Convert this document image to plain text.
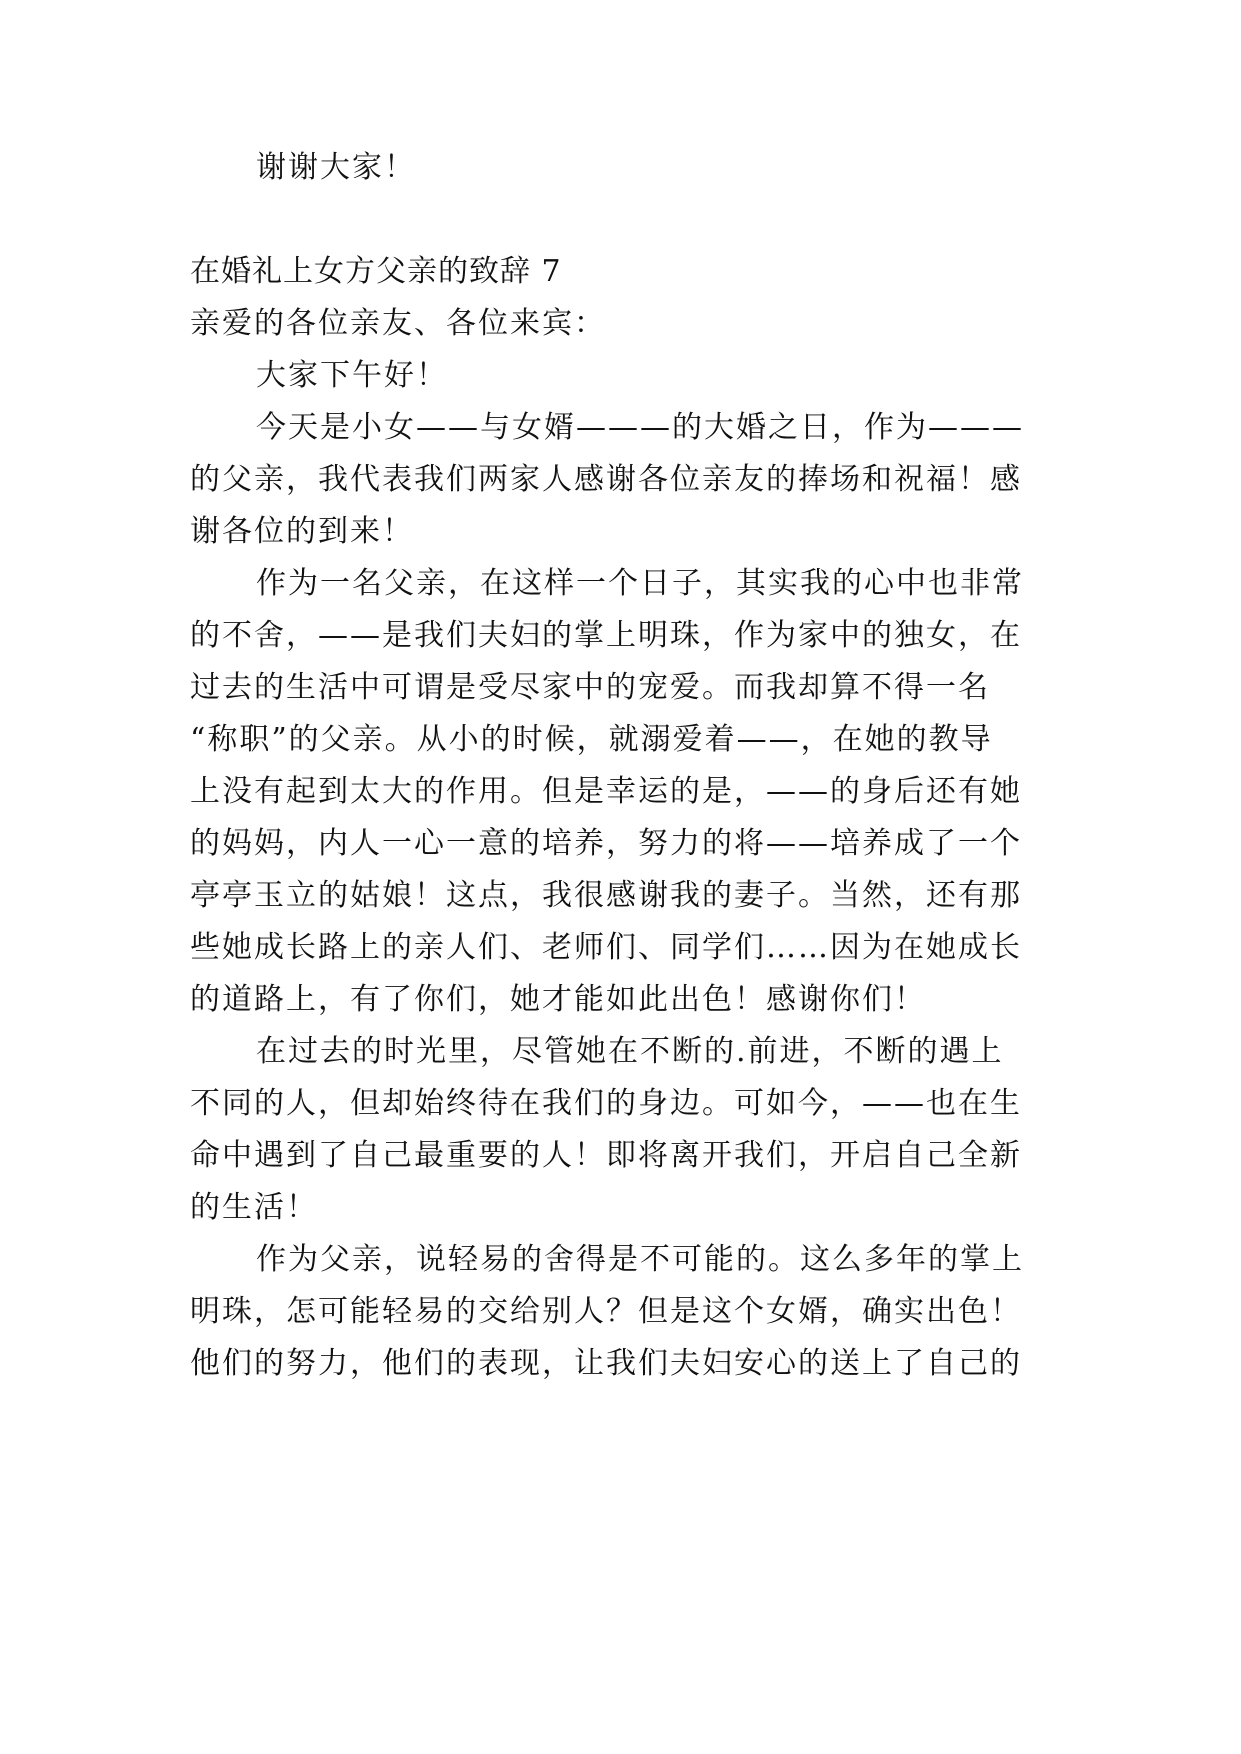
谢谢大家！
在婚礼上女方父亲的致辞 7
亲爱的各位亲友、各位来宾：
大家下午好！
今天是小女——与女婿———的大婚之日，作为———
的父亲，我代表我们两家人感谢各位亲友的捧场和祝福！感
谢各位的到来！
作为一名父亲，在这样一个日子，其实我的心中也非常
的不舍，——是我们夫妇的掌上明珠，作为家中的独女，在
过去的生活中可谓是受尽家中的宠爱。而我却算不得一名
“称职”的父亲。从小的时候，就溺爱着——，在她的教导
上没有起到太大的作用。但是幸运的是，——的身后还有她
的妈妈，内人一心一意的培养，努力的将——培养成了一个
亭亭玉立的姑娘！这点，我很感谢我的妻子。当然，还有那
些她成长路上的亲人们、老师们、同学们……因为在她成长
的道路上，有了你们，她才能如此出色！感谢你们！
在过去的时光里，尽管她在不断的.前进，不断的遇上
不同的人，但却始终待在我们的身边。可如今，——也在生
命中遇到了自己最重要的人！即将离开我们，开启自己全新
的生活！
作为父亲，说轻易的舍得是不可能的。这么多年的掌上
明珠，怎可能轻易的交给别人？但是这个女婿，确实出色！
他们的努力，他们的表现，让我们夫妇安心的送上了自己的
